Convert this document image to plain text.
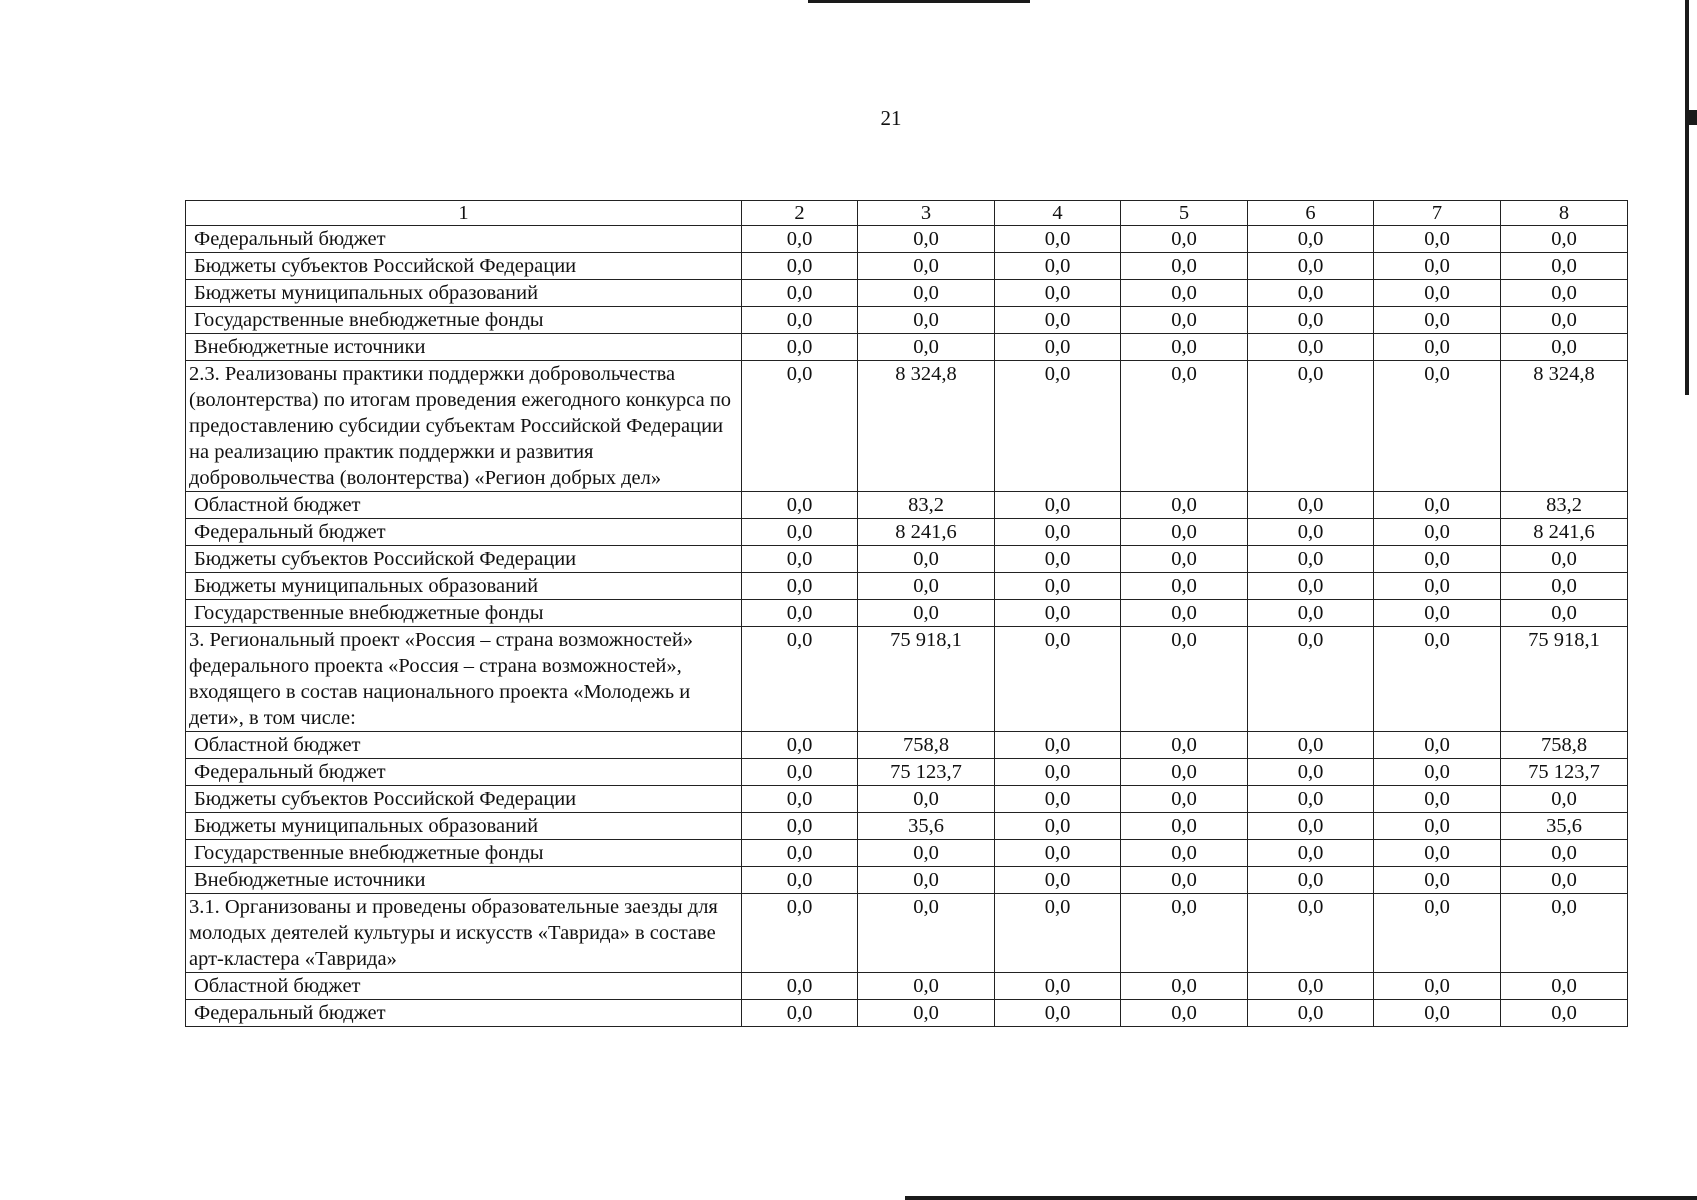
21
1	2	3	4	5	6	7	8
Федеральный бюджет	0,0	0,0	0,0	0,0	0,0	0,0	0,0
Бюджеты субъектов Российской Федерации	0,0	0,0	0,0	0,0	0,0	0,0	0,0
Бюджеты муниципальных образований	0,0	0,0	0,0	0,0	0,0	0,0	0,0
Государственные внебюджетные фонды	0,0	0,0	0,0	0,0	0,0	0,0	0,0
Внебюджетные источники	0,0	0,0	0,0	0,0	0,0	0,0	0,0
2.3. Реализованы практики поддержки добровольчества (волонтерства) по итогам проведения ежегодного конкурса по предоставлению субсидии субъектам Российской Федерации на реализацию практик поддержки и развития добровольчества (волонтерства) «Регион добрых дел»	0,0	8 324,8	0,0	0,0	0,0	0,0	8 324,8
Областной бюджет	0,0	83,2	0,0	0,0	0,0	0,0	83,2
Федеральный бюджет	0,0	8 241,6	0,0	0,0	0,0	0,0	8 241,6
Бюджеты субъектов Российской Федерации	0,0	0,0	0,0	0,0	0,0	0,0	0,0
Бюджеты муниципальных образований	0,0	0,0	0,0	0,0	0,0	0,0	0,0
Государственные внебюджетные фонды	0,0	0,0	0,0	0,0	0,0	0,0	0,0
3. Региональный проект «Россия – страна возможностей» федерального проекта «Россия – страна возможностей», входящего в состав национального проекта «Молодежь и дети», в том числе:	0,0	75 918,1	0,0	0,0	0,0	0,0	75 918,1
Областной бюджет	0,0	758,8	0,0	0,0	0,0	0,0	758,8
Федеральный бюджет	0,0	75 123,7	0,0	0,0	0,0	0,0	75 123,7
Бюджеты субъектов Российской Федерации	0,0	0,0	0,0	0,0	0,0	0,0	0,0
Бюджеты муниципальных образований	0,0	35,6	0,0	0,0	0,0	0,0	35,6
Государственные внебюджетные фонды	0,0	0,0	0,0	0,0	0,0	0,0	0,0
Внебюджетные источники	0,0	0,0	0,0	0,0	0,0	0,0	0,0
3.1. Организованы и проведены образовательные заезды для молодых деятелей культуры и искусств «Таврида» в составе арт-кластера «Таврида»	0,0	0,0	0,0	0,0	0,0	0,0	0,0
Областной бюджет	0,0	0,0	0,0	0,0	0,0	0,0	0,0
Федеральный бюджет	0,0	0,0	0,0	0,0	0,0	0,0	0,0
